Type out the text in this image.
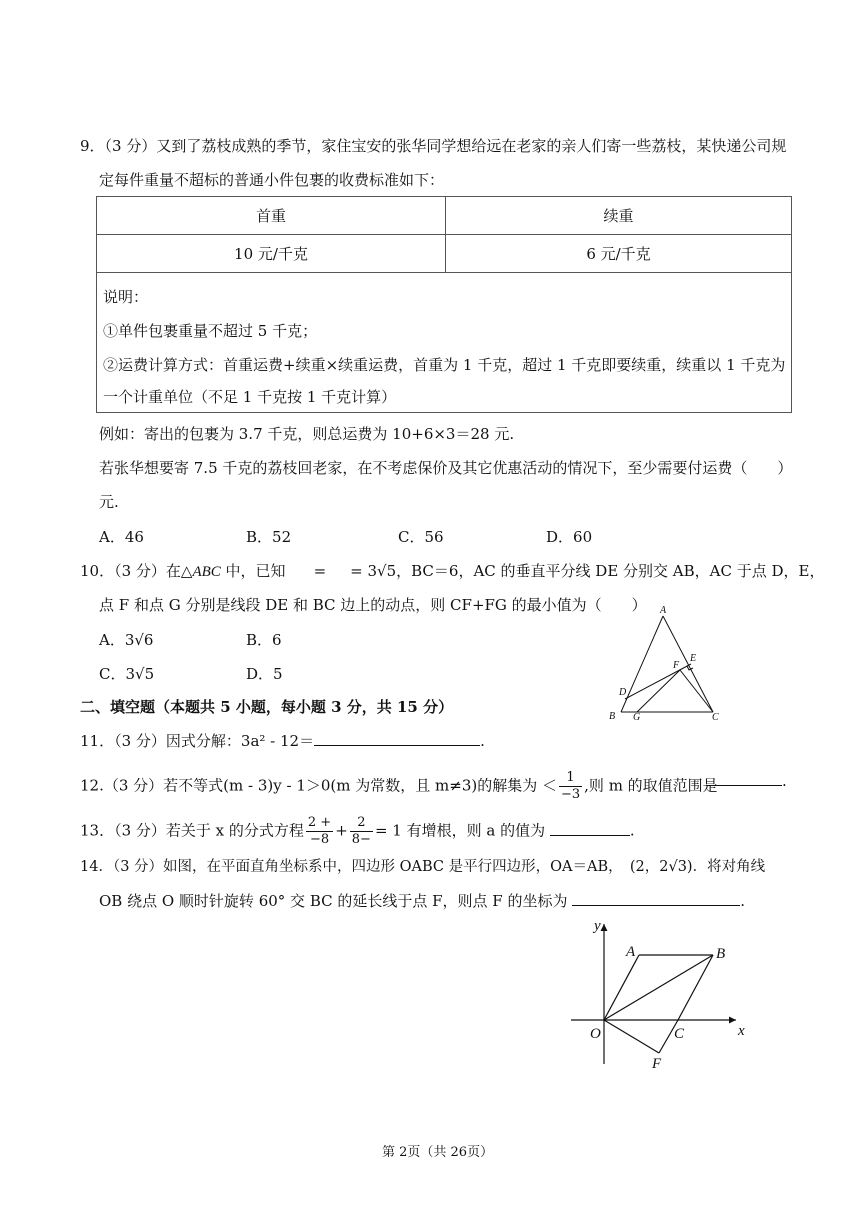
9．（3 分）又到了荔枝成熟的季节，家住宝安的张华同学想给远在老家的亲人们寄一些荔枝，某快递公司规
定每件重量不超标的普通小件包裹的收费标准如下：
首重	续重
10 元/千克	6 元/千克
说明：
①单件包裹重量不超过 5 千克；
②运费计算方式：首重运费+续重×续重运费，首重为 1 千克，超过 1 千克即要续重，续重以 1 千克为
一个计重单位（不足 1 千克按 1 千克计算）
例如：寄出的包裹为 3.7 千克，则总运费为 10+6×3＝28 元.
若张华想要寄 7.5 千克的荔枝回老家，在不考虑保价及其它优惠活动的情况下，至少需要付运费（　　）
元.
A．46	B．52	C．56	D．60
10．（3 分）在△ABC 中，已知 = = 3√5，BC＝6，AC 的垂直平分线 DE 分别交 AB，AC 于点 D，E，
点 F 和点 G 分别是线段 DE 和 BC 边上的动点，则 CF+FG 的最小值为（　　）
A．3√6	B．6
C．3√5	D．5
A
E
F
D
B G	C
二、填空题（本题共 5 小题，每小题 3 分，共 15 分）
11．（3 分）因式分解：3a² - 12＝	.
12.（3 分）若不等式(m - 3)y - 1＞0(m 为常数，且 m≠3)的解集为 ＜ $\frac{1}{-3}$ ,则 m 的取值范围是	.
13．（3 分）若关于 x 的分式方程 $\frac{2 +}{-8} + \frac{2}{8-} = 1$ 有增根，则 a 的值为	.
14．（3 分）如图，在平面直角坐标系中，四边形 OABC 是平行四边形，OA＝AB，　(2，2√3)．将对角线
OB 绕点 O 顺时针旋转 60° 交 BC 的延长线于点 F，则点 F 的坐标为	.
y
A	B
O	C	x
F
第 2页（共 26页）
